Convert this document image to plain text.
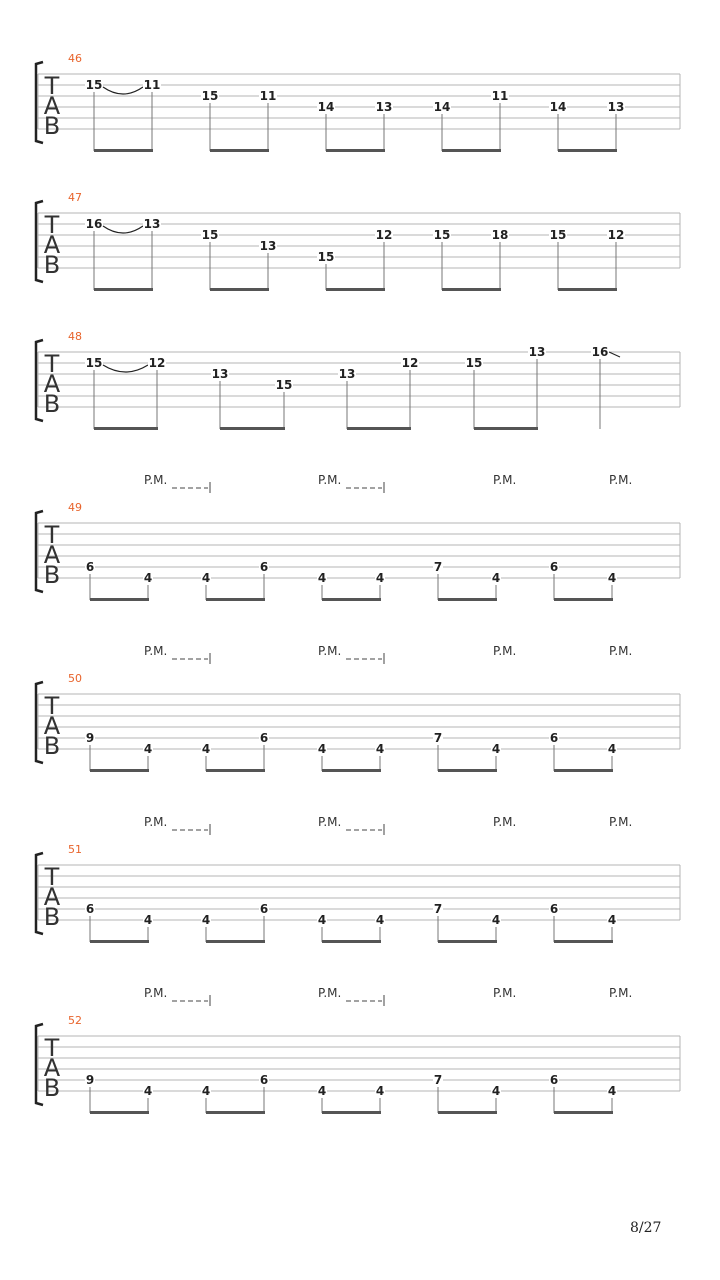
T
A
B
46
15	11
15	11
14	13	14
11
14	13
T
A
B
47
16	13
15
13
15
12	15	18	15	12
T
A
B
48
15	12
13
15
13
12	15
13	16
T
A
B
49
P.M.	P.M.	P.M.	P.M.
6
4	4
6
4	4
7
4
6
4
T
A
B
50
P.M.	P.M.	P.M.	P.M.
9
4	4
6
4	4
7
4
6
4
T
A
B
51
P.M.	P.M.	P.M.	P.M.
6
4	4
6
4	4
7
4
6
4
T
A
B
52
P.M.	P.M.	P.M.	P.M.
9
4	4
6
4	4
7
4
6
4
8/27
